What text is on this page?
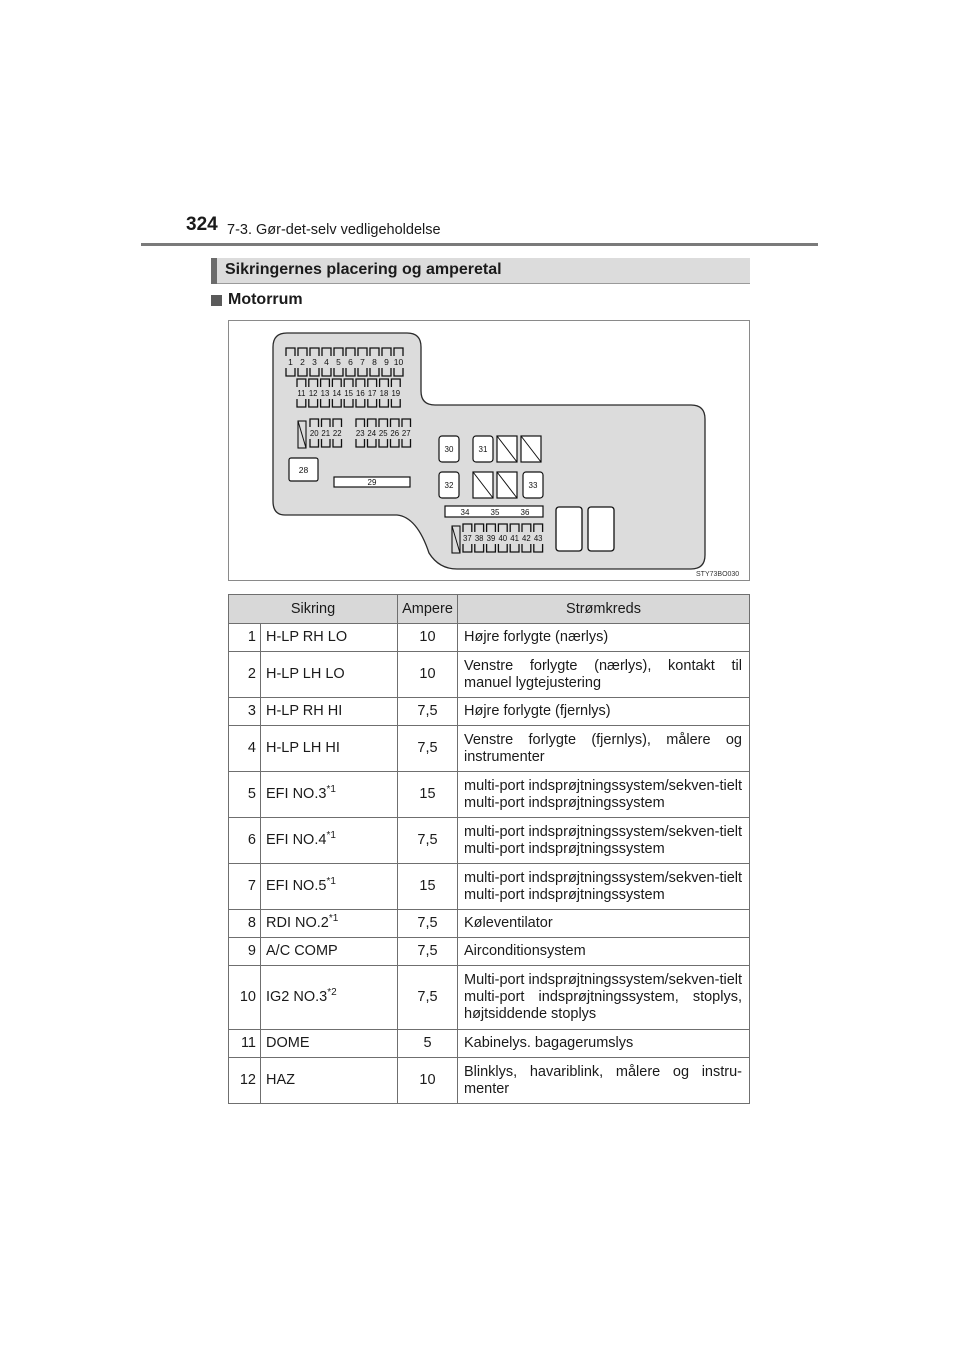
324 7-3. Gør-det-selv vedligeholdelse
Sikringernes placering og amperetal
Motorrum
1 2 3 4 5 6 7 8 9 10
11 12 13 14 15 16 17 18 19
20 21 22 23 24 25 26 27
37 38 39 40 41 42 43
28
29
30	31
32	33
34	35	36
STY73BO030
Sikring		Ampere	Strømkreds
1	H-LP RH LO	10	Højre forlygte (nærlys)
2	H-LP LH LO	10	Venstre forlygte (nærlys), kontakt til manuel lygtejustering
3	H-LP RH HI	7,5	Højre forlygte (fjernlys)
4	H-LP LH HI	7,5	Venstre forlygte (fjernlys), målere og instrumenter
5	EFI NO.3$^{*1}$	15	multi-port indsprøjtningssystem/sekven-tielt multi-port indsprøjtningssystem
6	EFI NO.4$^{*1}$	7,5	multi-port indsprøjtningssystem/sekven-tielt multi-port indsprøjtningssystem
7	EFI NO.5$^{*1}$	15	multi-port indsprøjtningssystem/sekven-tielt multi-port indsprøjtningssystem
8	RDI NO.2$^{*1}$	7,5	Køleventilator
9	A/C COMP	7,5	Airconditionsystem
10	IG2 NO.3$^{*2}$	7,5	Multi-port indsprøjtningssystem/sekven-tielt multi-port indsprøjtningssystem, stoplys, højtsiddende stoplys
11	DOME	5	Kabinelys. bagagerumslys
12	HAZ	10	Blinklys, havariblink, målere og instru-menter
